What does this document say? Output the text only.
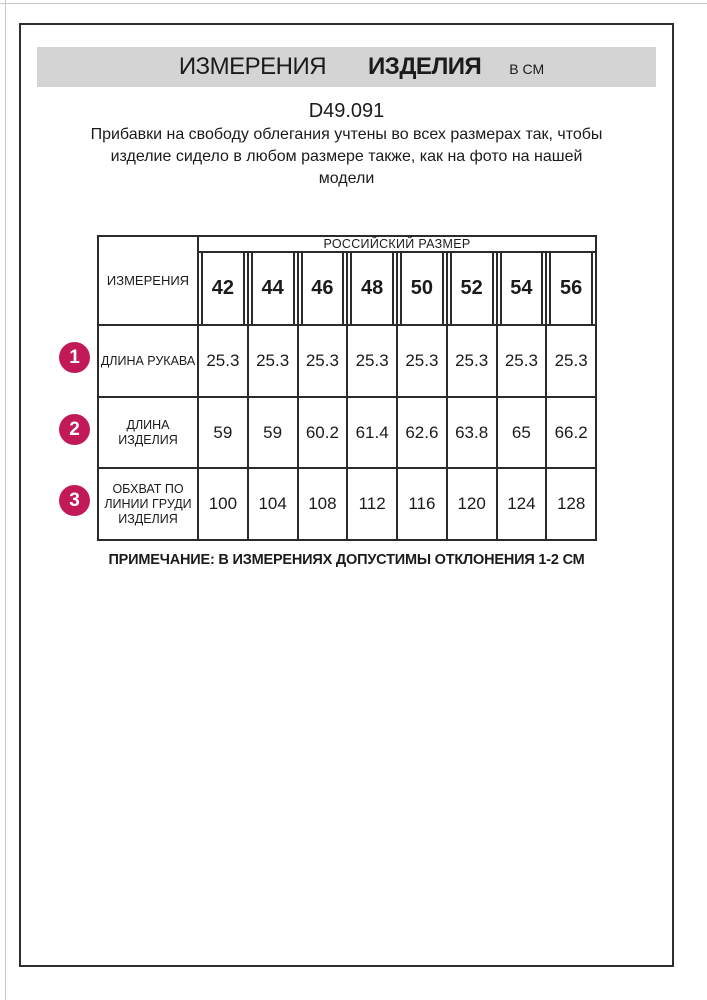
ИЗМЕРЕНИЯ ИЗДЕЛИЯ В СМ
D49.091
Прибавки на свободу облегания учтены во всех размерах так, чтобы
изделие сидело в любом размере также, как на фото на нашей
модели
ИЗМЕРЕНИЯ	РОССИЙСКИЙ РАЗМЕР							

42	44	46	48	50	52	54	56

ДЛИНА РУКАВА	25.3	25.3	25.3	25.3	25.3	25.3	25.3	25.3
ДЛИНА ИЗДЕЛИЯ	59	59	60.2	61.4	62.6	63.8	65	66.2
ОБХВАТ ПО ЛИНИИ ГРУДИ ИЗДЕЛИЯ	100	104	108	112	116	120	124	128
1
2
3
ПРИМЕЧАНИЕ: В ИЗМЕРЕНИЯХ ДОПУСТИМЫ ОТКЛОНЕНИЯ 1-2 СМ
